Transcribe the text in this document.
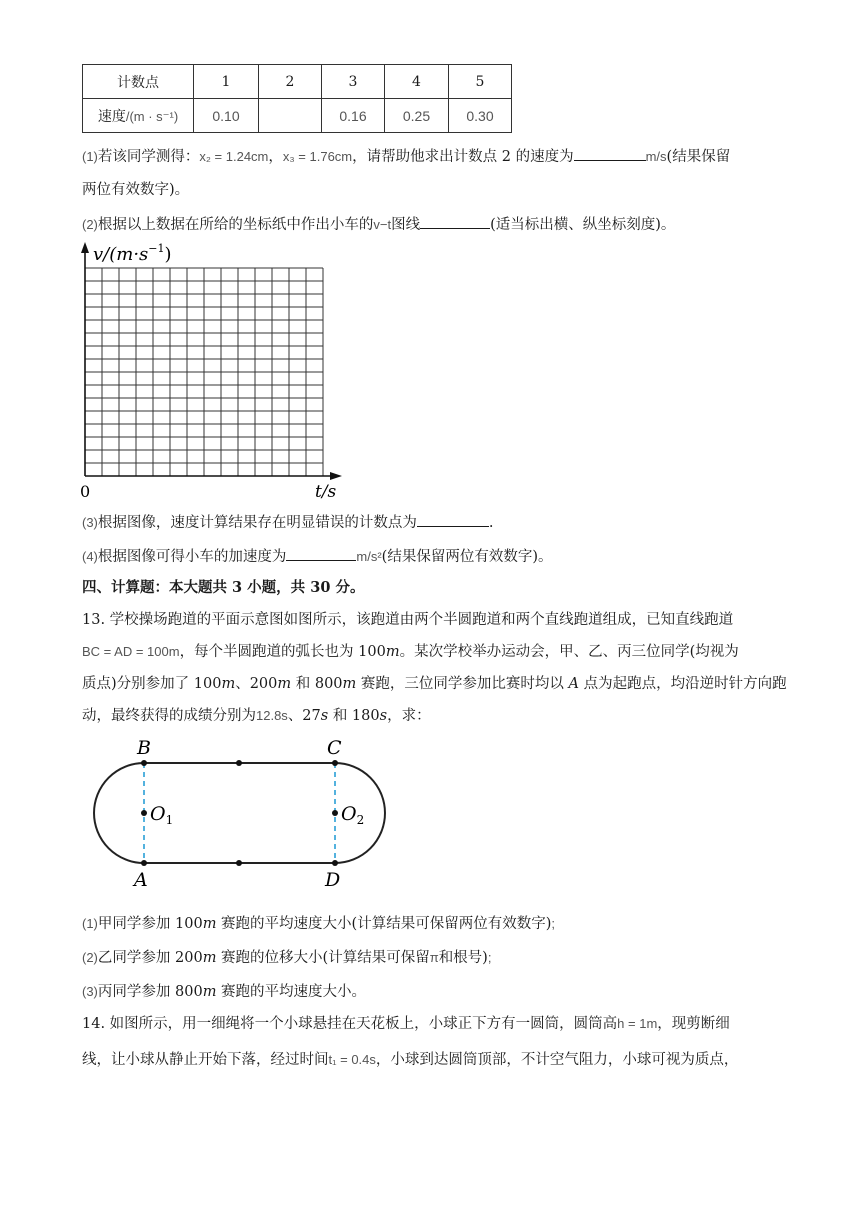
计数点	1	2	3	4	5
速度/(m · s⁻¹)	0.10		0.16	0.25	0.30
(1)若该同学测得：x₂ = 1.24cm，x₃ = 1.76cm，请帮助他求出计数点 2 的速度为	m/s(结果保留
两位有效数字)。
(2)根据以上数据在所给的坐标纸中作出小车的v−t图线	(适当标出横、纵坐标刻度)。
$v/(m\cdot s^{-1})$
0	t/s
(3)根据图像，速度计算结果存在明显错误的计数点为	.
(4)根据图像可得小车的加速度为	m/s²(结果保留两位有效数字)。
四、计算题：本大题共 3 小题，共 30 分。
13. 学校操场跑道的平面示意图如图所示，该跑道由两个半圆跑道和两个直线跑道组成，已知直线跑道
BC = AD = 100m，每个半圆跑道的弧长也为 100m。某次学校举办运动会，甲、乙、丙三位同学(均视为
质点)分别参加了 100m、200m 和 800m 赛跑，三位同学参加比赛时均以 A 点为起跑点，均沿逆时针方向跑
动，最终获得的成绩分别为12.8s、27s 和 180s，求：
B	C
A	D
$O_1$	$O_2$
(1)甲同学参加 100m 赛跑的平均速度大小(计算结果可保留两位有效数字);
(2)乙同学参加 200m 赛跑的位移大小(计算结果可保留π和根号);
(3)丙同学参加 800m 赛跑的平均速度大小。
14. 如图所示，用一细绳将一个小球悬挂在天花板上，小球正下方有一圆筒，圆筒高h = 1m，现剪断细
线，让小球从静止开始下落，经过时间t₁ = 0.4s，小球到达圆筒顶部，不计空气阻力，小球可视为质点，
